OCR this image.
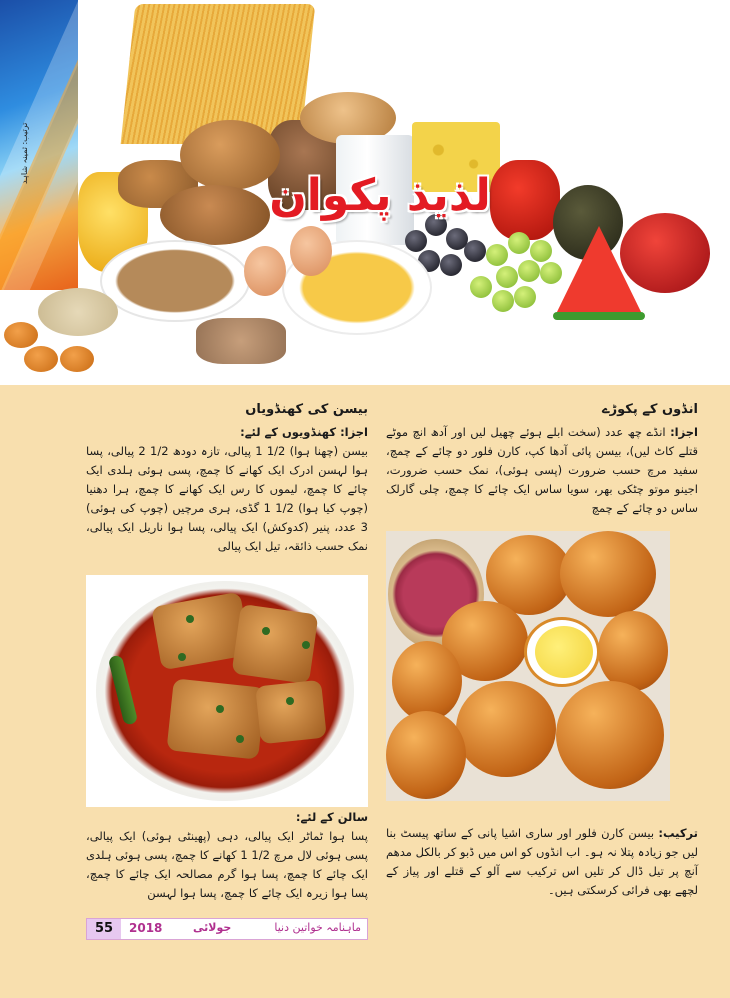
ترتیب: ثمینہ شاہد
لذیذ پکوان
انڈوں کے پکوڑے
اجزا: انڈے چھ عدد (سخت ابلے ہوئے چھیل لیں اور آدھ انچ موٹے قتلے کاٹ لیں)، بیسن پائی آدھا کپ، کارن فلور دو چائے کے چمچ، سفید مرچ حسب ضرورت (پسی ہوئی)، نمک حسب ضرورت، اجینو موتو چٹکی بھر، سویا ساس ایک چائے کا چمچ، چلی گارلک ساس دو چائے کے چمچ
ترکیب: بیسن کارن فلور اور ساری اشیا پانی کے ساتھ پیسٹ بنا لیں جو زیادہ پتلا نہ ہو۔ اب انڈوں کو اس میں ڈبو کر بالکل مدھم آنچ پر تیل ڈال کر تلیں اس ترکیب سے آلو کے قتلے اور پیاز کے لچھے بھی فرائی کرسکتی ہیں۔
بیسن کی کھنڈویاں
اجزا: کھنڈویوں کے لئے:
بیسن (چھنا ہوا) 1/2 1 پیالی، تازہ دودھ 1/2 2 پیالی، پسا ہوا لہسن ادرک ایک کھانے کا چمچ، پسی ہوئی ہلدی ایک چائے کا چمچ، لیموں کا رس ایک کھانے کا چمچ، ہرا دھنیا (چوپ کیا ہوا) 1/2 1 گڈی، ہری مرچیں (چوپ کی ہوئی) 3 عدد، پنیر (کدوکش) ایک پیالی، پسا ہوا ناریل ایک پیالی، نمک حسب ذائقہ، تیل ایک پیالی
سالن کے لئے:
پسا ہوا ٹماٹر ایک پیالی، دہی (پھینٹی ہوئی) ایک پیالی، پسی ہوئی لال مرچ 1/2 1 کھانے کا چمچ، پسی ہوئی ہلدی ایک چائے کا چمچ، پسا ہوا گرم مصالحہ ایک چائے کا چمچ، پسا ہوا زیرہ ایک چائے کا چمچ، پسا ہوا لہسن
55	2018	جولائی	ماہنامہ خواتین دنیا
